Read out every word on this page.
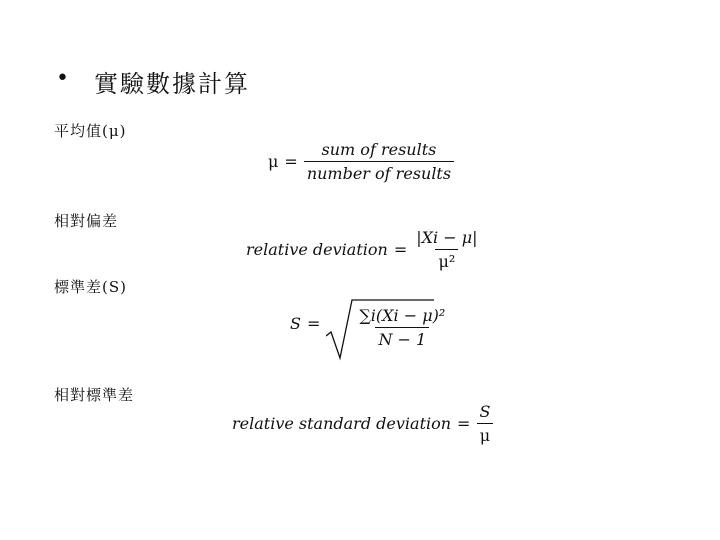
• 實驗數據計算
平均值(μ)
$\mu = \frac{\text{sum of results}}{\text{number of results}}$
相對偏差
relative deviation = $\frac{|Xi - \mu|}{\text{μ²}}$
標準差(S)
$S = \frac{\text{∑i(Xi − μ)²}}{N - 1}$
相對標準差
relative standard deviation = $\frac{S}{\mu}$
